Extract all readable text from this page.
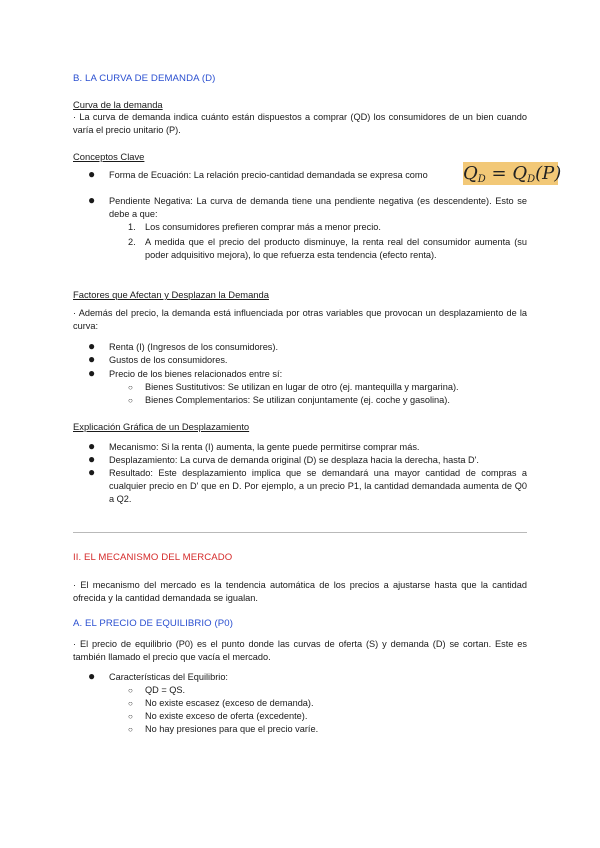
B. LA CURVA DE DEMANDA (D)
Curva de la demanda
· La curva de demanda indica cuánto están dispuestos a comprar (QD) los consumidores de un bien cuando varía el precio unitario (P).
Conceptos Clave
● Forma de Ecuación: La relación precio-cantidad demandada se expresa como	$Q_D = Q_D(P)$
● Pendiente Negativa: La curva de demanda tiene una pendiente negativa (es descendente). Esto se debe a que:
1. Los consumidores prefieren comprar más a menor precio.
2. A medida que el precio del producto disminuye, la renta real del consumidor aumenta (su poder adquisitivo mejora), lo que refuerza esta tendencia (efecto renta).
Factores que Afectan y Desplazan la Demanda
· Además del precio, la demanda está influenciada por otras variables que provocan un desplazamiento de la curva:
● Renta (I) (Ingresos de los consumidores).
● Gustos de los consumidores.
● Precio de los bienes relacionados entre sí:
○ Bienes Sustitutivos: Se utilizan en lugar de otro (ej. mantequilla y margarina).
○ Bienes Complementarios: Se utilizan conjuntamente (ej. coche y gasolina).
Explicación Gráfica de un Desplazamiento
● Mecanismo: Si la renta (I) aumenta, la gente puede permitirse comprar más.
● Desplazamiento: La curva de demanda original (D) se desplaza hacia la derecha, hasta D'.
● Resultado: Este desplazamiento implica que se demandará una mayor cantidad de compras a cualquier precio en D' que en D. Por ejemplo, a un precio P1, la cantidad demandada aumenta de Q0 a Q2.
II. EL MECANISMO DEL MERCADO
· El mecanismo del mercado es la tendencia automática de los precios a ajustarse hasta que la cantidad ofrecida y la cantidad demandada se igualan.
A. EL PRECIO DE EQUILIBRIO (P0)
· El precio de equilibrio (P0) es el punto donde las curvas de oferta (S) y demanda (D) se cortan. Este es también llamado el precio que vacía el mercado.
● Características del Equilibrio:
○ QD = QS.
○ No existe escasez (exceso de demanda).
○ No existe exceso de oferta (excedente).
○ No hay presiones para que el precio varíe.
